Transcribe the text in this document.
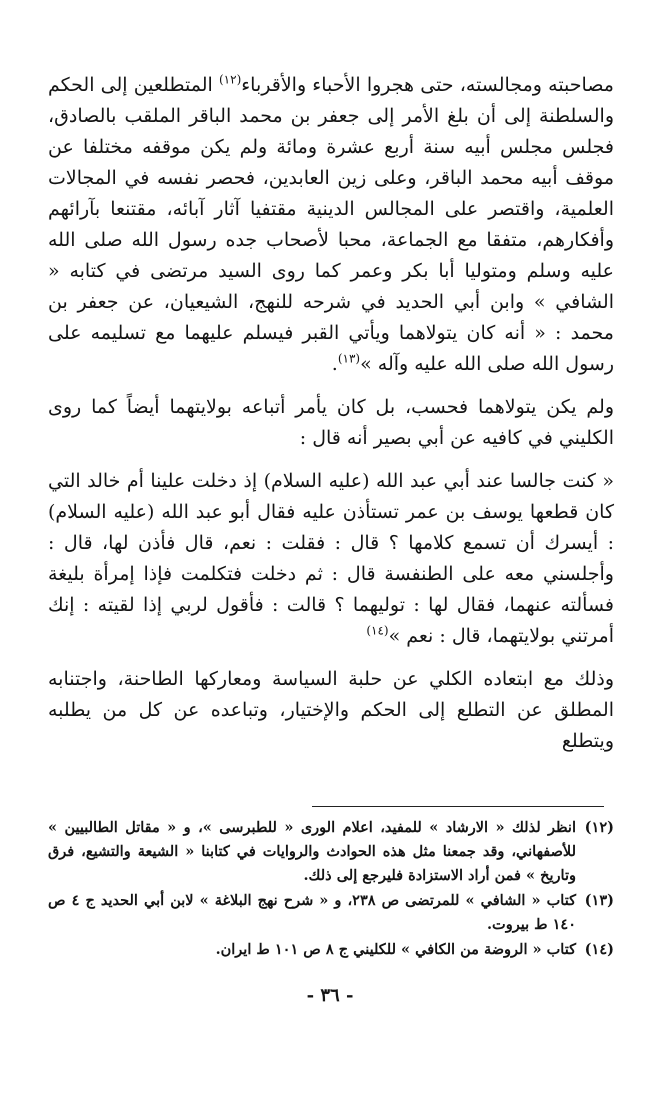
مصاحبته ومجالسته، حتى هجروا الأحباء والأقرباء$^{(١٢)}$ المتطلعين إلى الحكم والسلطنة إلى أن بلغ الأمر إلى جعفر بن محمد الباقر الملقب بالصادق، فجلس مجلس أبيه سنة أربع عشرة ومائة ولم يكن موقفه مختلفا عن موقف أبيه محمد الباقر، وعلى زين العابدين، فحصر نفسه في المجالات العلمية، واقتصر على المجالس الدينية مقتفيا آثار آبائه، مقتنعا بآرائهم وأفكارهم، متفقا مع الجماعة، محبا لأصحاب جده رسول الله صلى الله عليه وسلم ومتوليا أبا بكر وعمر كما روى السيد مرتضى في كتابه « الشافي » وابن أبي الحديد في شرحه للنهج، الشيعيان، عن جعفر بن محمد : « أنه كان يتولاهما ويأتي القبر فيسلم عليهما مع تسليمه على رسول الله صلى الله عليه وآله »$^{(١٣)}$.

ولم يكن يتولاهما فحسب، بل كان يأمر أتباعه بولايتهما أيضاً كما روى الكليني في كافيه عن أبي بصير أنه قال :

« كنت جالسا عند أبي عبد الله (عليه السلام) إذ دخلت علينا أم خالد التي كان قطعها يوسف بن عمر تستأذن عليه فقال أبو عبد الله (عليه السلام) : أيسرك أن تسمع كلامها ؟ قال : فقلت : نعم، قال فأذن لها، قال : وأجلسني معه على الطنفسة قال : ثم دخلت فتكلمت فإذا إمرأة بليغة فسألته عنهما، فقال لها : توليهما ؟ قالت : فأقول لربي إذا لقيته : إنك أمرتني بولايتهما، قال : نعم »$^{(١٤)}$

وذلك مع ابتعاده الكلي عن حلبة السياسة ومعاركها الطاحنة، واجتنابه المطلق عن التطلع إلى الحكم والإختيار، وتباعده عن كل من يطلبه ويتطلع

(١٢)
انظر لذلك « الارشاد » للمفيد، اعلام الورى « للطبرسى »، و « مقاتل الطالبيين » للأصفهاني، وقد جمعنا مثل هذه الحوادث والروايات في كتابنا « الشيعة والتشيع، فرق وتاريخ » فمن أراد الاستزادة فليرجع إلى ذلك.
(١٣)
كتاب « الشافي » للمرتضى ص ٢٣٨، و « شرح نهج البلاغة » لابن أبي الحديد ج ٤ ص ١٤٠ ط بيروت.
(١٤)
كتاب « الروضة من الكافي » للكليني ج ٨ ص ١٠١ ط ايران.
- ٣٦ -
